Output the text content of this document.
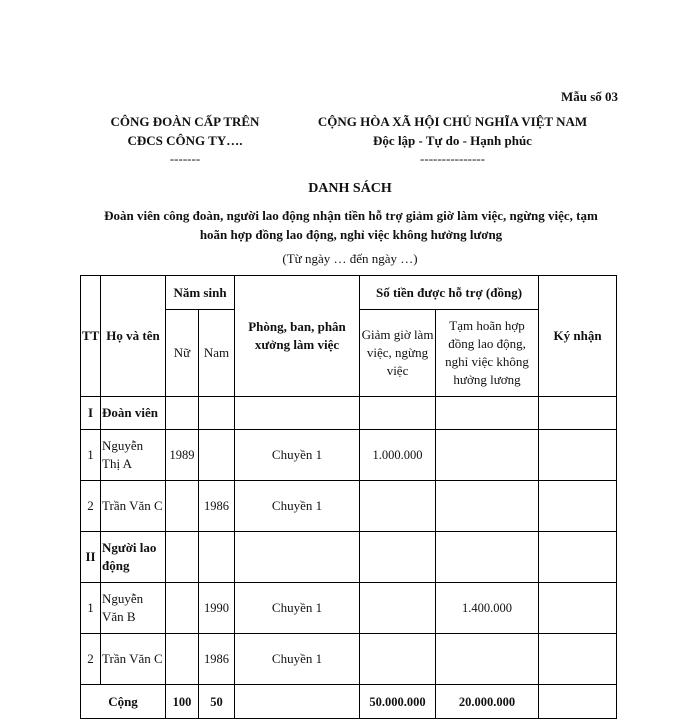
Mẫu số 03
CÔNG ĐOÀN CẤP TRÊN
CĐCS CÔNG TY….
-------
CỘNG HÒA XÃ HỘI CHỦ NGHĨA VIỆT NAM
Độc lập - Tự do - Hạnh phúc
---------------
DANH SÁCH
Đoàn viên công đoàn, người lao động nhận tiền hỗ trợ giảm giờ làm việc, ngừng việc, tạm
hoãn hợp đồng lao động, nghỉ việc không hưởng lương
(Từ ngày … đến ngày …)
TT	Họ và tên	Năm sinh		Phòng, ban, phân xưởng làm việc	Số tiền được hỗ trợ (đồng)		Ký nhận
		Nữ	Nam		Giảm giờ làm việc, ngừng việc	Tạm hoãn hợp đồng lao động, nghỉ việc không hưởng lương	
I	Đoàn viên						
1	Nguyễn Thị A	1989		Chuyền 1	1.000.000		
2	Trần Văn C		1986	Chuyền 1			
II	Người lao động						
1	Nguyễn Văn B		1990	Chuyền 1		1.400.000	
2	Trần Văn C		1986	Chuyền 1			
Cộng		100	50		50.000.000	20.000.000	
